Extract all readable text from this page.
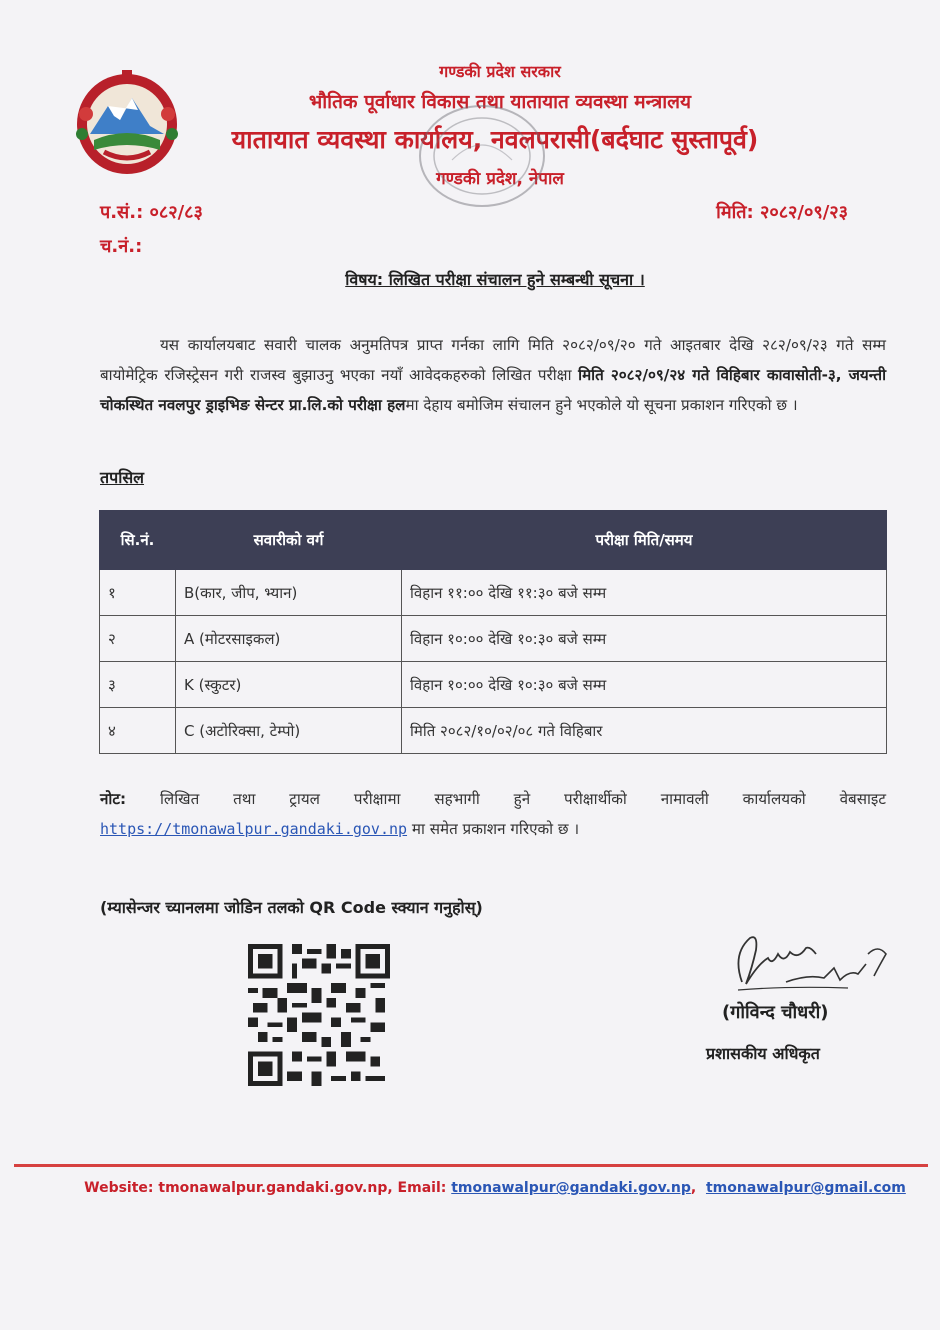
गण्डकी प्रदेश सरकार
भौतिक पूर्वाधार विकास तथा यातायात व्यवस्था मन्त्रालय
यातायात व्यवस्था कार्यालय, नवलपरासी(बर्दघाट सुस्तापूर्व)
गण्डकी प्रदेश, नेपाल
प.सं.: ०८२/८३
च.नं.:
मिति: २०८२/०९/२३
विषय: लिखित परीक्षा संचालन हुने सम्बन्धी सूचना ।
यस कार्यालयबाट सवारी चालक अनुमतिपत्र प्राप्त गर्नका लागि मिति २०८२/०९/२० गते आइतबार देखि २८२/०९/२३ गते सम्म बायोमेट्रिक रजिस्ट्रेसन गरी राजस्व बुझाउनु भएका नयाँ आवेदकहरुको लिखित परीक्षा मिति २०८२/०९/२४ गते विहिबार कावासोती-३, जयन्ती चोकस्थित नवलपुर ड्राइभिङ सेन्टर प्रा.लि.को परीक्षा हलमा देहाय बमोजिम संचालन हुने भएकोले यो सूचना प्रकाशन गरिएको छ ।
तपसिल
सि.नं.	सवारीको वर्ग	परीक्षा मिति/समय
१	B(कार, जीप, भ्यान)	विहान ११:०० देखि ११:३० बजे सम्म
२	A (मोटरसाइकल)	विहान १०:०० देखि १०:३० बजे सम्म
३	K (स्कुटर)	विहान १०:०० देखि १०:३० बजे सम्म
४	C (अटोरिक्सा, टेम्पो)	मिति २०८२/१०/०२/०८ गते विहिबार
नोट: लिखित तथा ट्रायल परीक्षामा सहभागी हुने परीक्षार्थीको नामावली कार्यालयको वेबसाइट https://tmonawalpur.gandaki.gov.np मा समेत प्रकाशन गरिएको छ ।
(म्यासेन्जर च्यानलमा जोडिन तलको QR Code स्क्यान गनुहोस्)
(गोविन्द चौधरी)
प्रशासकीय अधिकृत
Website: tmonawalpur.gandaki.gov.np, Email: tmonawalpur@gandaki.gov.np, tmonawalpur@gmail.com
